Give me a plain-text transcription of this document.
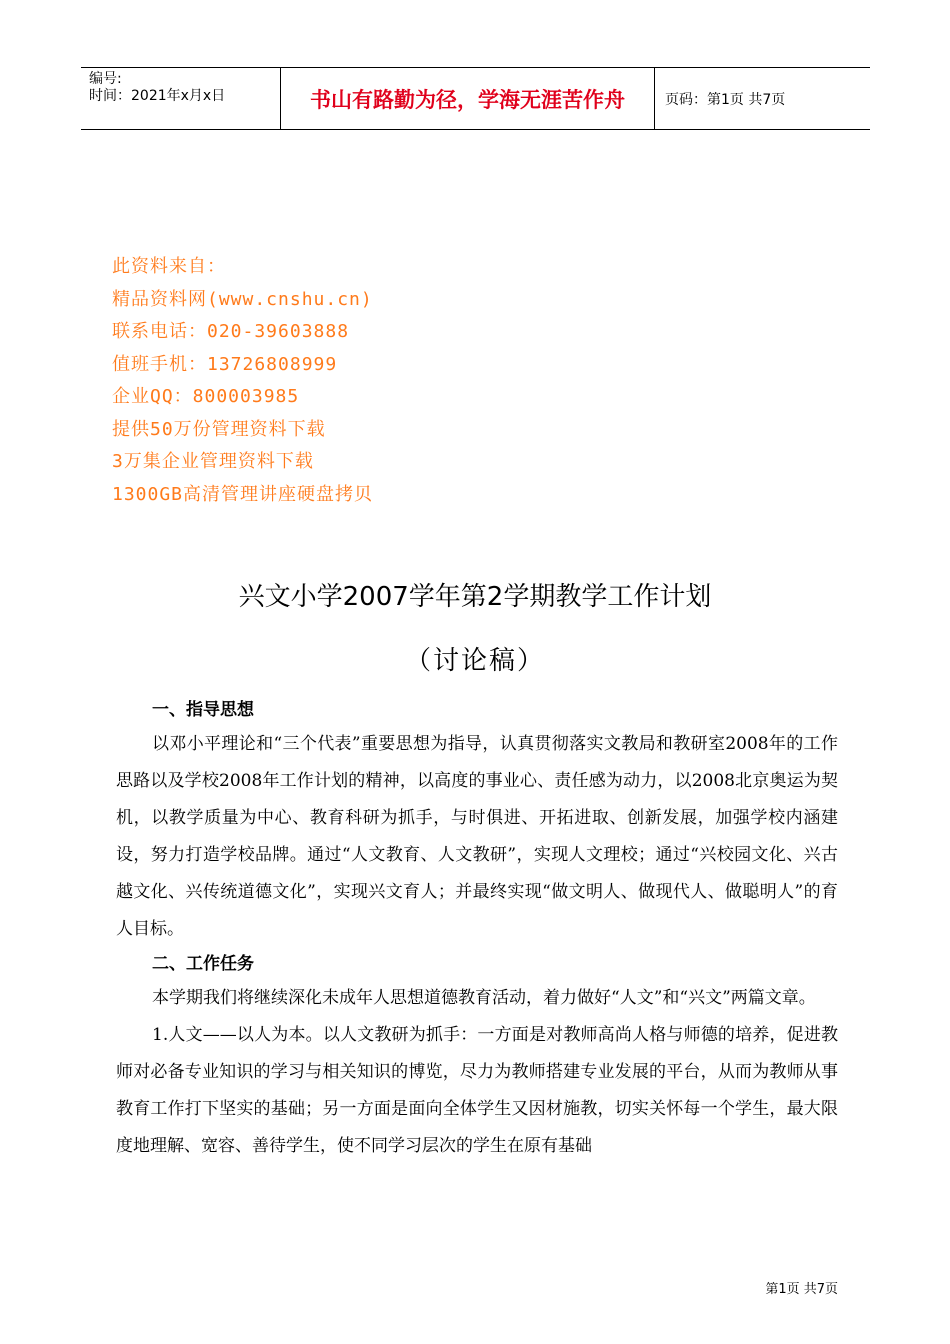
编号:
时间：2021年x月x日	书山有路勤为径，学海无涯苦作舟	页码：第1页 共7页
此资料来自：
精品资料网(www.cnshu.cn)
联系电话：020-39603888
值班手机：13726808999
企业QQ：800003985
提供50万份管理资料下载
3万集企业管理资料下载
1300GB高清管理讲座硬盘拷贝
兴文小学2007学年第2学期教学工作计划
（讨论稿）
一、指导思想

以邓小平理论和“三个代表”重要思想为指导，认真贯彻落实文教局和教研室2008年的工作思路以及学校2008年工作计划的精神，以高度的事业心、责任感为动力，以2008北京奥运为契机，以教学质量为中心、教育科研为抓手，与时俱进、开拓进取、创新发展，加强学校内涵建设，努力打造学校品牌。通过“人文教育、人文教研”，实现人文理校；通过“兴校园文化、兴古越文化、兴传统道德文化”，实现兴文育人；并最终实现“做文明人、做现代人、做聪明人”的育人目标。

二、工作任务

本学期我们将继续深化未成年人思想道德教育活动，着力做好“人文”和“兴文”两篇文章。

1.人文——以人为本。以人文教研为抓手：一方面是对教师高尚人格与师德的培养，促进教师对必备专业知识的学习与相关知识的博览，尽力为教师搭建专业发展的平台，从而为教师从事教育工作打下坚实的基础；另一方面是面向全体学生又因材施教，切实关怀每一个学生，最大限度地理解、宽容、善待学生，使不同学习层次的学生在原有基础

第1页 共7页
